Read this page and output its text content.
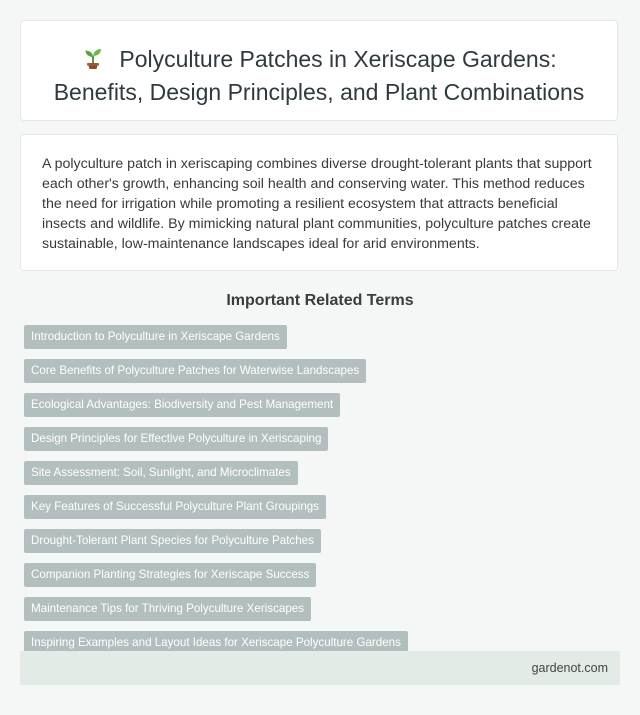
Polyculture Patches in Xeriscape Gardens: Benefits, Design Principles, and Plant Combinations

A polyculture patch in xeriscaping combines diverse drought-tolerant plants that support each other's growth, enhancing soil health and conserving water. This method reduces the need for irrigation while promoting a resilient ecosystem that attracts beneficial insects and wildlife. By mimicking natural plant communities, polyculture patches create sustainable, low-maintenance landscapes ideal for arid environments.

Important Related Terms
Introduction to Polyculture in Xeriscape Gardens
Core Benefits of Polyculture Patches for Waterwise Landscapes
Ecological Advantages: Biodiversity and Pest Management
Design Principles for Effective Polyculture in Xeriscaping
Site Assessment: Soil, Sunlight, and Microclimates
Key Features of Successful Polyculture Plant Groupings
Drought-Tolerant Plant Species for Polyculture Patches
Companion Planting Strategies for Xeriscape Success
Maintenance Tips for Thriving Polyculture Xeriscapes
Inspiring Examples and Layout Ideas for Xeriscape Polyculture Gardens
gardenot.com
